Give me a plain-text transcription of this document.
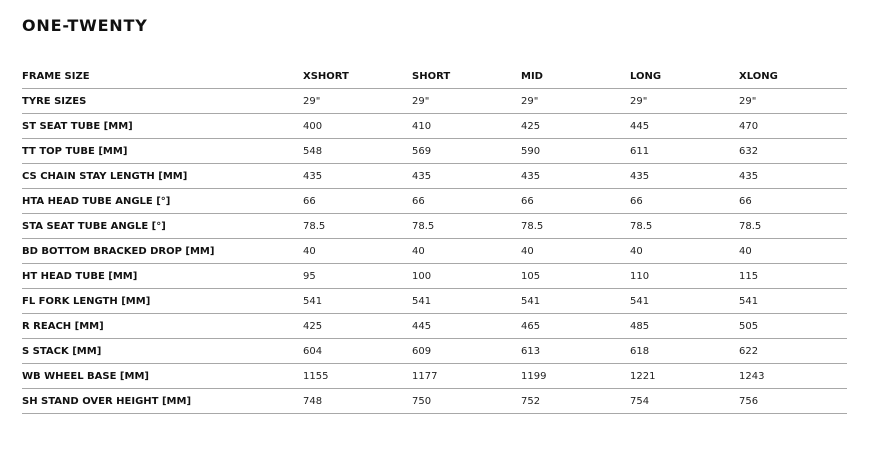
ONE-TWENTY
FRAME SIZE	XSHORT	SHORT	MID	LONG	XLONG
TYRE SIZES	29"	29"	29"	29"	29"
ST SEAT TUBE [MM]	400	410	425	445	470
TT TOP TUBE [MM]	548	569	590	611	632
CS CHAIN STAY LENGTH [MM]	435	435	435	435	435
HTA HEAD TUBE ANGLE [°]	66	66	66	66	66
STA SEAT TUBE ANGLE [°]	78.5	78.5	78.5	78.5	78.5
BD BOTTOM BRACKED DROP [MM]	40	40	40	40	40
HT HEAD TUBE [MM]	95	100	105	110	115
FL FORK LENGTH [MM]	541	541	541	541	541
R REACH [MM]	425	445	465	485	505
S STACK [MM]	604	609	613	618	622
WB WHEEL BASE [MM]	1155	1177	1199	1221	1243
SH STAND OVER HEIGHT [MM]	748	750	752	754	756
